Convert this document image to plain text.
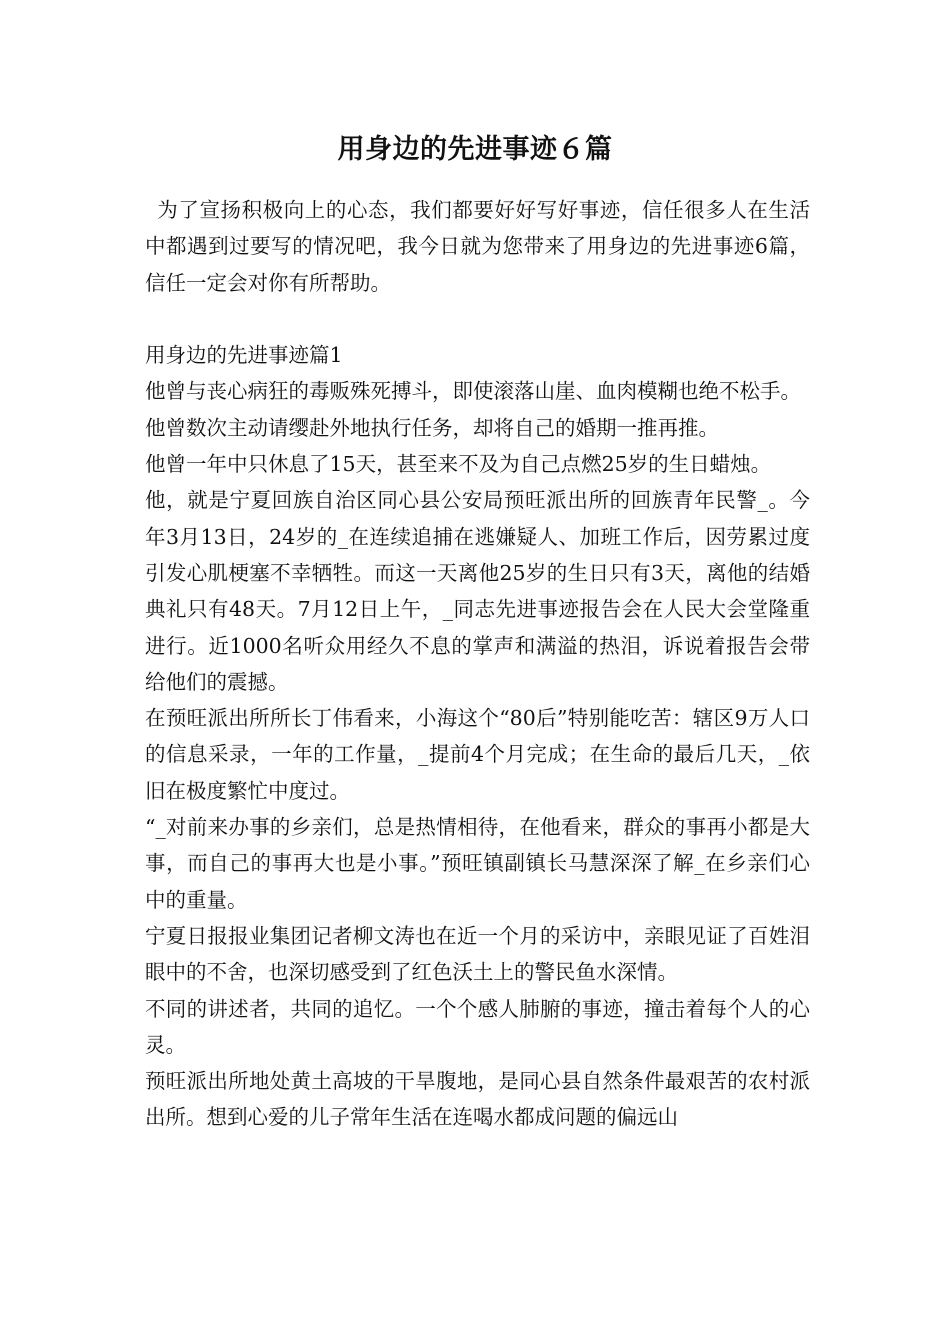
用身边的先进事迹６篇

为了宣扬积极向上的心态，我们都要好好写好事迹，信任很多人在生活中都遇到过要写的情况吧，我今日就为您带来了用身边的先进事迹6篇，信任一定会对你有所帮助。

用身边的先进事迹篇1

他曾与丧心病狂的毒贩殊死搏斗，即使滚落山崖、血肉模糊也绝不松手。

他曾数次主动请缨赴外地执行任务，却将自己的婚期一推再推。

他曾一年中只休息了15天，甚至来不及为自己点燃25岁的生日蜡烛。

他，就是宁夏回族自治区同心县公安局预旺派出所的回族青年民警_。今年3月13日，24岁的_在连续追捕在逃嫌疑人、加班工作后，因劳累过度引发心肌梗塞不幸牺牲。而这一天离他25岁的生日只有3天，离他的结婚典礼只有48天。7月12日上午，_同志先进事迹报告会在人民大会堂隆重进行。近1000名听众用经久不息的掌声和满溢的热泪，诉说着报告会带给他们的震撼。

在预旺派出所所长丁伟看来，小海这个“80后”特别能吃苦：辖区9万人口的信息采录，一年的工作量，_提前4个月完成；在生命的最后几天，_依旧在极度繁忙中度过。

“_对前来办事的乡亲们，总是热情相待，在他看来，群众的事再小都是大事，而自己的事再大也是小事。”预旺镇副镇长马慧深深了解_在乡亲们心中的重量。

宁夏日报报业集团记者柳文涛也在近一个月的采访中，亲眼见证了百姓泪眼中的不舍，也深切感受到了红色沃土上的警民鱼水深情。

不同的讲述者，共同的追忆。一个个感人肺腑的事迹，撞击着每个人的心灵。

预旺派出所地处黄土高坡的干旱腹地，是同心县自然条件最艰苦的农村派出所。想到心爱的儿子常年生活在连喝水都成问题的偏远山
